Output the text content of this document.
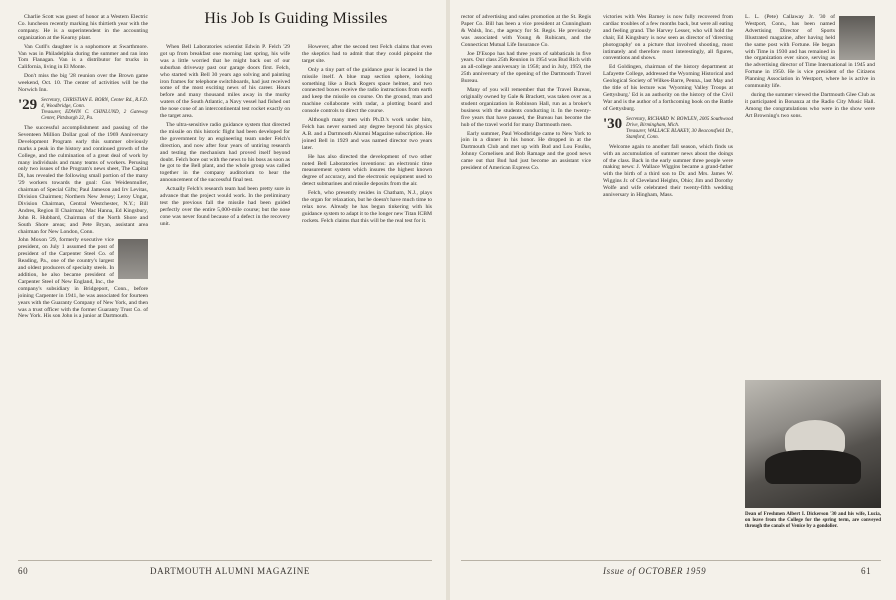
Charlie Scott was guest of honor at a Western Electric Co. luncheon recently marking his thirtieth year with the company. He is a superintendent in the accounting organization at the Kearny plant.

Van Cutll's daughter is a sophomore at Swarthmore. Van was in Philadelphia during the summer and ran into Tom Flanagan. Van is a distributor for trucks in California, living in El Monte.

Don't miss the big '28 reunion over the Brown game weekend, Oct. 10. The center of activities will be the Norwich Inn.

'29 Secretary, CHRISTIAN E. BORN, Center Rd., R.F.D. 4, Woodbridge, Conn.
Treasurer, EDWIN C. CHINLUND, 2 Gateway Center, Pittsburgh 22, Pa.

The successful accomplishment and passing of the Seventeen Million Dollar goal of the 1969 Anniversary Development Program early this summer obviously marks a peak in the history and continued growth of the College, and the culmination of a great deal of work by many individuals and many teams of workers. Perusing only two issues of the Program's news sheet, The Capital Di, has revealed the following small portion of the many '29 workers towards the goal: Gus Weidenmuller, chairman of Special Gifts; Paul Jameson and Irv Levitas, Division Chairmen; Northern New Jersey; Leroy Ungar, Division Chairman, Central Westchester, N.Y.; Bill Andres, Region II Chairman; Mac Hanna, Ed Kingsbury, John R. Hubbard, Chairman of the North Shore and South Shore areas; and Pete Bryan, assistant area chairman for New London, Conn.

John Moxon '29, formerly executive vice president, on July 1 assumed the post of president of the Carpenter Steel Co. of Reading, Pa., one of the country's largest and oldest producers of specialty steels. In addition, he also became president of Carpenter Steel of New England, Inc., the company's subsidiary in Bridgeport, Conn., before joining Carpenter in 1941, he was associated for fourteen years with the Guaranty Company of New York, and then was a trust officer with the former Guaranty Trust Co. of New York. His son John is a junior at Dartmouth.

His Job Is Guiding Missiles

When Bell Laboratories scientist Edwin P. Felch '29 got up from breakfast one morning last spring, his wife was a little worried that he might back out of our suburban driveway past our garage doors first. Felch, who started with Bell 30 years ago solving and painting iron frames for telephone switchboards, had just received some of the most exciting news of his career. Hours before and many thousand miles away in the murky waters of the South Atlantic, a Navy vessel had fished out the nose cone of an intercontinental test rocket exactly on the target area.

The ultra-sensitive radio guidance system that directed the missile on this historic flight had been developed for the government by an engineering team under Felch's direction, and now after four years of untiring research and testing the mechanism had proved itself beyond doubt. Felch bore out with the news to his boss as soon as he got to the Bell plant, and the whole group was called together in the company auditorium to hear the announcement of the successful final test.

Actually Felch's research team had been pretty sure in advance that the project would work. In the preliminary test the previous fall the missile had been guided perfectly over the entire 5,000-mile course; but the nose cone was never found because of a defect in the recovery unit.

However, after the second test Felch claims that even the skeptics had to admit that they could pinpoint the target site.

Only a tiny part of the guidance gear is located in the missile itself. A blue map section sphere, looking something like a Buck Rogers space helmet, and two connected boxes receive the radio instructions from earth and keep the missile on course. On the ground, man and machine collaborate with radar, a plotting board and console controls to direct the course.

Although many men with Ph.D.'s work under him, Felch has never earned any degree beyond his physics A.B. and a Dartmouth Alumni Magazine subscription. He joined Bell in 1929 and was named director two years later.

He has also directed the development of two other noted Bell Laboratories inventions: an electronic time measurement system which insures the highest known degree of accuracy, and the electronic equipment used to detect submarines and missile deposits from the air.

Felch, who presently resides in Chatham, N.J., plays the organ for relaxation, but he doesn't have much time to relax now. Already he has begun tinkering with his guidance system to adapt it to the longer new Titan ICBM rockets. Felch claims that this will be the real test for it.

60	DARTMOUTH ALUMNI MAGAZINE

rector of advertising and sales promotion at the St. Regis Paper Co. Bill has been a vice president at Cunningham & Walsh, Inc., the agency for St. Regis. He previously was associated with Young & Rubicam, and the Connecticut Mutual Life Insurance Co.

Joe D'Esopo has had three years of sabbaticals in five years. Our class 25th Reunion in 1954 was Bud Rich with an all-college anniversary in 1958; and in July, 1959, the 25th anniversary of the opening of the Dartmouth Travel Bureau.

Many of you will remember that the Travel Bureau, originally owned by Gale & Brackett, was taken over as a student organization in Robinson Hall, run as a broker's business with the students conducting it. In the twenty-five years that have passed, the Bureau has become the hub of the travel world for many Dartmouth men.

Early summer, Paul Woodbridge came to New York to join in a dinner in his honor. He dropped in at the Dartmouth Club and met up with Bud and Lou Foulks, Johnny Cornelisen and Bob Ramage and the good news came out that Bud had just become an assistant vice president of American Express Co.

victories with Wes Barney is now fully recovered from cardiac troubles of a few months back, but were all eating and feeling grand. The Harvey Lesser, who will hold the chair, Ed Kingsbury is now seen as director of 'directing photography' on a picture that involved shooting, most intimately and therefore most interestingly, all figures, conventions and shows.

Ed Goldingen, chairman of the history department at Lafayette College, addressed the Wyoming Historical and Geological Society of Wilkes-Barre, Penna., last May and the title of his lecture was 'Wyoming Valley Troops at Gettysburg.' Ed is an authority on the history of the Civil War and is the author of a forthcoming book on the Battle of Gettysburg.

'30 Secretary, RICHARD W. BOWLEN, 2005 Southwood Drive, Birmingham, Mich.
Treasurer, WALLACE BLAKEY, 30 Beaconsfield Dr., Stamford, Conn.

Welcome again to another fall season, which finds us with an accumulation of summer news about the doings of the class. Back in the early summer three people were making news: J. Wallace Wiggins became a grand-father with the birth of a third son to Dr. and Mrs. James W. Wiggins Jr. of Cleveland Heights, Ohio; Jim and Dorothy Wolfe and wife celebrated their twenty-fifth wedding anniversary in Hingham, Mass.

L. L. (Pete) Callaway Jr. '30 of Westport, Conn., has been named Advertising Director of Sports Illustrated magazine, after having held the same post with Fortune. He began with Time in 1930 and has remained in the organization ever since, serving as the advertising director of Time International in 1945 and Fortune in 1950. He is vice president of the Citizens Planning Association in Westport, where he is active in community life.

during the summer viewed the Dartmouth Glee Club as it participated in Bonanza at the Radio City Music Hall. Among the congratulations who were in the show were Art Browning's two sons.

Dean of Freshmen Albert I. Dickerson '30 and his wife, Lucia, on leave from the College for the spring term, are conveyed through the canals of Venice by a gondolier.
Issue of OCTOBER 1959	61
